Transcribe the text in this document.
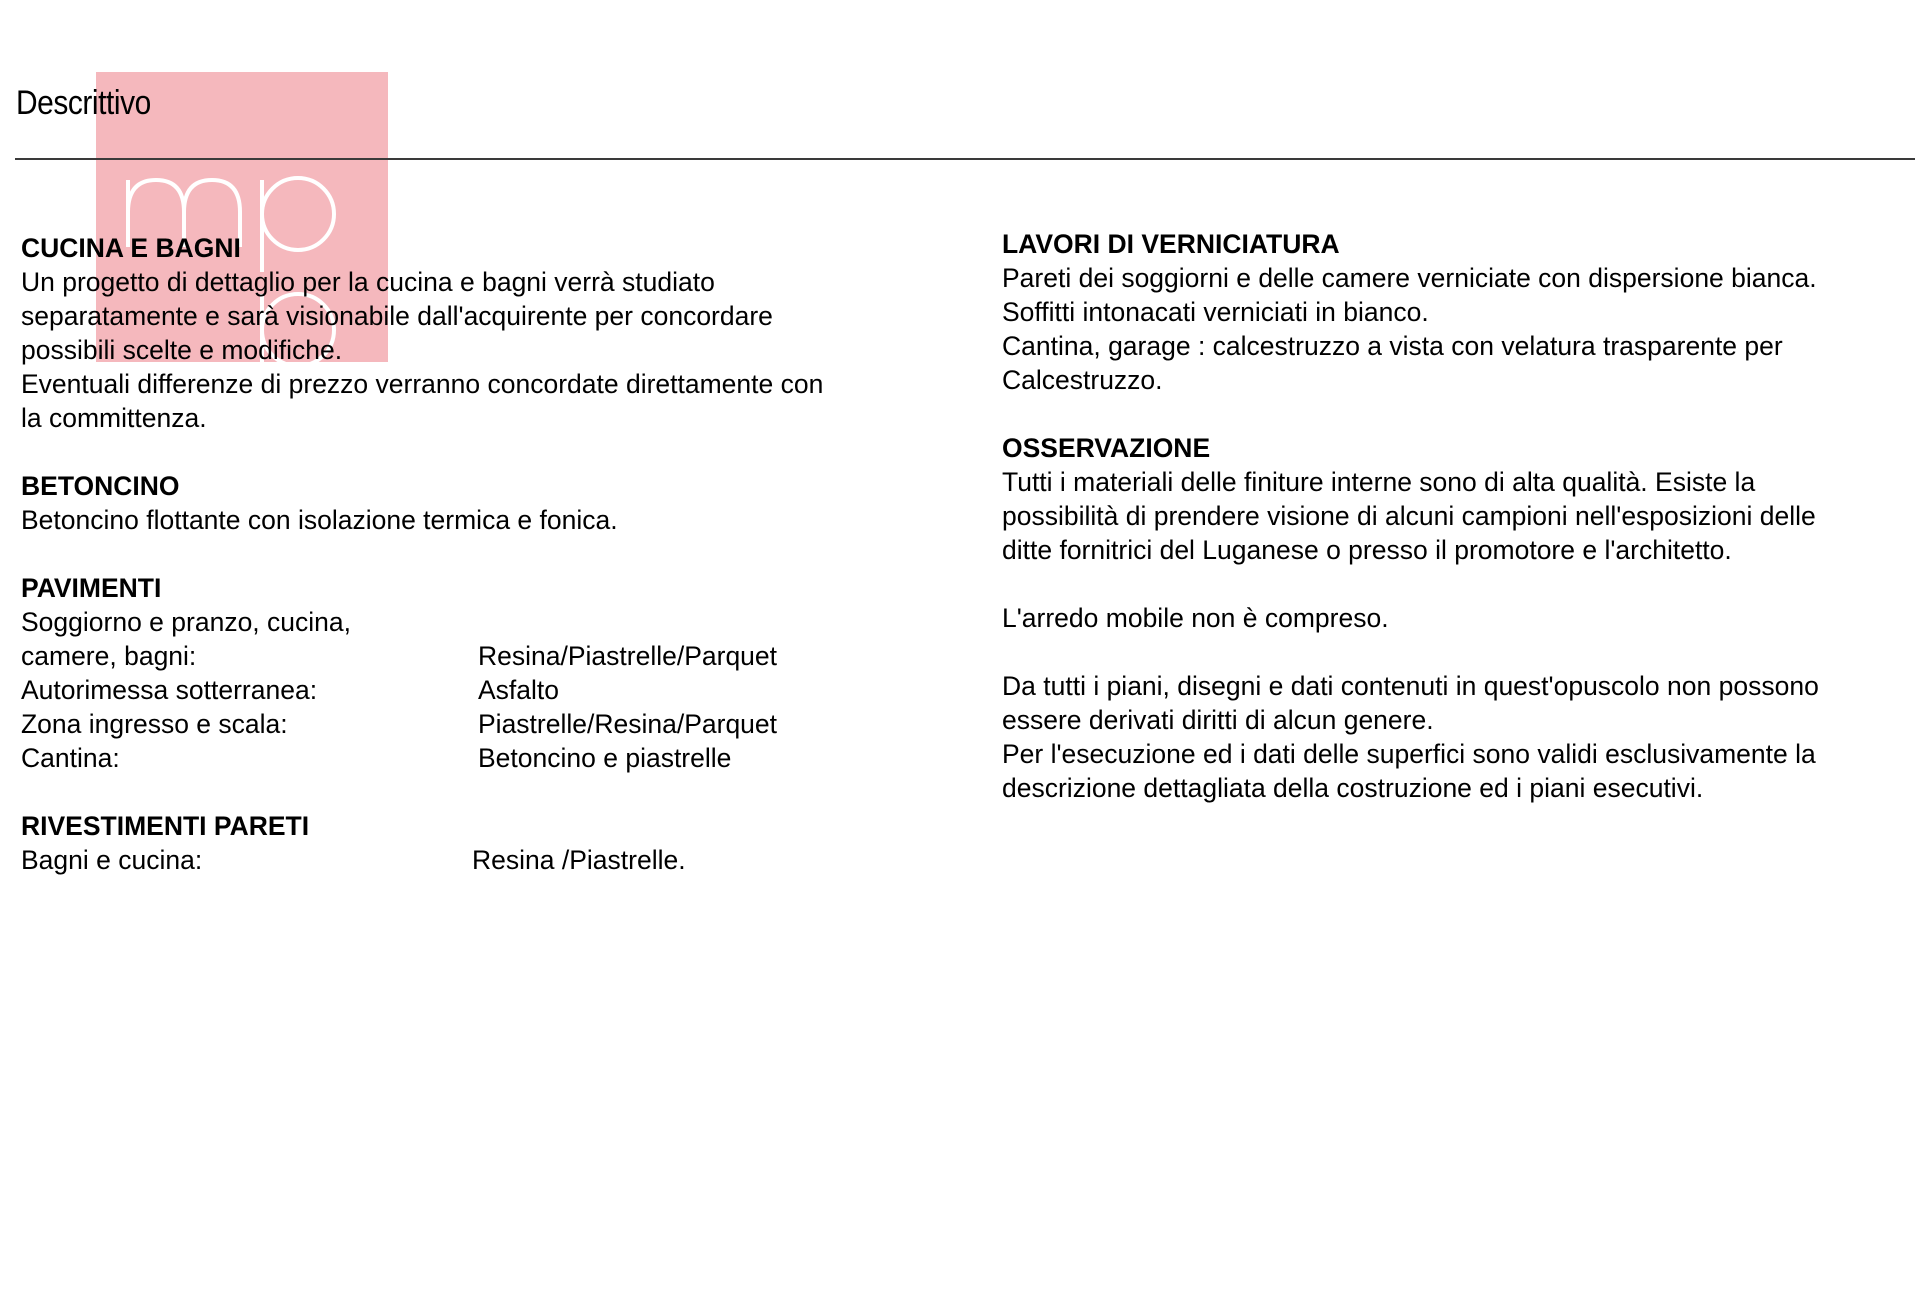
Descrittivo
CUCINA E BAGNI
Un progetto di dettaglio per la cucina e bagni verrà studiato
separatamente e sarà visionabile dall'acquirente per concordare
possibili scelte e modifiche.
Eventuali differenze di prezzo verranno concordate direttamente con
la committenza.
BETONCINO
Betoncino flottante con isolazione termica e fonica.
PAVIMENTI
Soggiorno e pranzo, cucina,
camere, bagni:	Resina/Piastrelle/Parquet
Autorimessa sotterranea:	Asfalto
Zona ingresso e scala:	Piastrelle/Resina/Parquet
Cantina:	Betoncino e piastrelle
RIVESTIMENTI PARETI
Bagni e cucina:	Resina /Piastrelle.
LAVORI DI VERNICIATURA
Pareti dei soggiorni e delle camere verniciate con dispersione bianca.
Soffitti intonacati verniciati in bianco.
Cantina, garage : calcestruzzo a vista con velatura trasparente per
Calcestruzzo.
OSSERVAZIONE
Tutti i materiali delle finiture interne sono di alta qualità. Esiste la
possibilità di prendere visione di alcuni campioni nell'esposizioni delle
ditte fornitrici del Luganese o presso il promotore e l'architetto.
L'arredo mobile non è compreso.
Da tutti i piani, disegni e dati contenuti in quest'opuscolo non possono
essere derivati diritti di alcun genere.
Per l'esecuzione ed i dati delle superfici sono validi esclusivamente la
descrizione dettagliata della costruzione ed i piani esecutivi.
